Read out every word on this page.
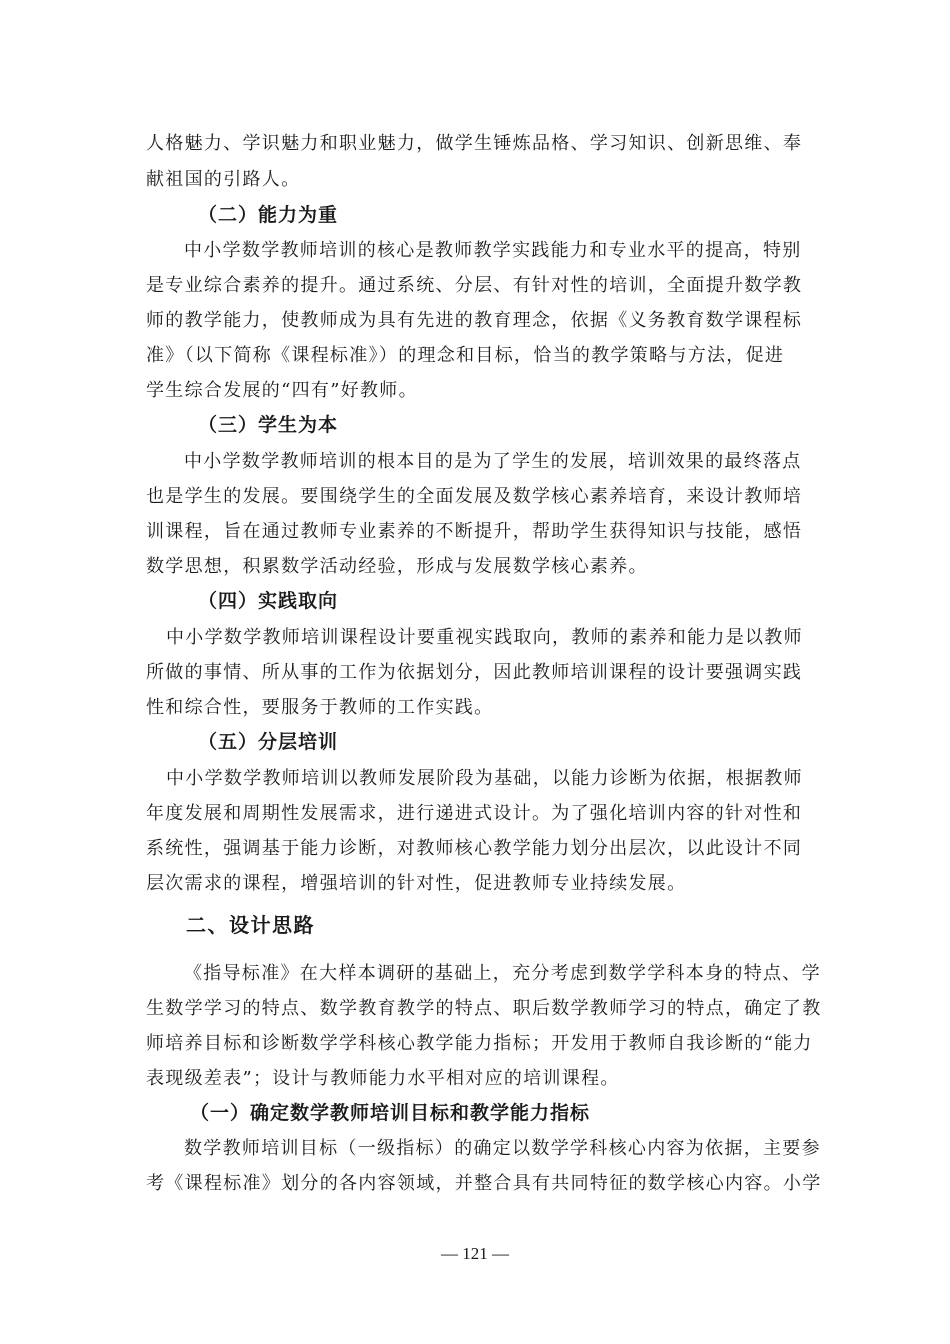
人格魅力、学识魅力和职业魅力，做学生锤炼品格、学习知识、创新思维、奉
献祖国的引路人。
（二）能力为重
中小学数学教师培训的核心是教师教学实践能力和专业水平的提高，特别
是专业综合素养的提升。通过系统、分层、有针对性的培训，全面提升数学教
师的教学能力，使教师成为具有先进的教育理念，依据《义务教育数学课程标
准》（以下简称《课程标准》）的理念和目标，恰当的教学策略与方法，促进
学生综合发展的“四有”好教师。
（三）学生为本
中小学数学教师培训的根本目的是为了学生的发展，培训效果的最终落点
也是学生的发展。要围绕学生的全面发展及数学核心素养培育，来设计教师培
训课程，旨在通过教师专业素养的不断提升，帮助学生获得知识与技能，感悟
数学思想，积累数学活动经验，形成与发展数学核心素养。
（四）实践取向
中小学数学教师培训课程设计要重视实践取向，教师的素养和能力是以教师
所做的事情、所从事的工作为依据划分，因此教师培训课程的设计要强调实践
性和综合性，要服务于教师的工作实践。
（五）分层培训
中小学数学教师培训以教师发展阶段为基础，以能力诊断为依据，根据教师
年度发展和周期性发展需求，进行递进式设计。为了强化培训内容的针对性和
系统性，强调基于能力诊断，对教师核心教学能力划分出层次，以此设计不同
层次需求的课程，增强培训的针对性，促进教师专业持续发展。
二、设计思路
《指导标准》在大样本调研的基础上，充分考虑到数学学科本身的特点、学
生数学学习的特点、数学教育教学的特点、职后数学教师学习的特点，确定了教
师培养目标和诊断数学学科核心教学能力指标；开发用于教师自我诊断的“能力
表现级差表”；设计与教师能力水平相对应的培训课程。
（一）确定数学教师培训目标和教学能力指标
数学教师培训目标（一级指标）的确定以数学学科核心内容为依据，主要参
考《课程标准》划分的各内容领域，并整合具有共同特征的数学核心内容。小学
— 121 —
